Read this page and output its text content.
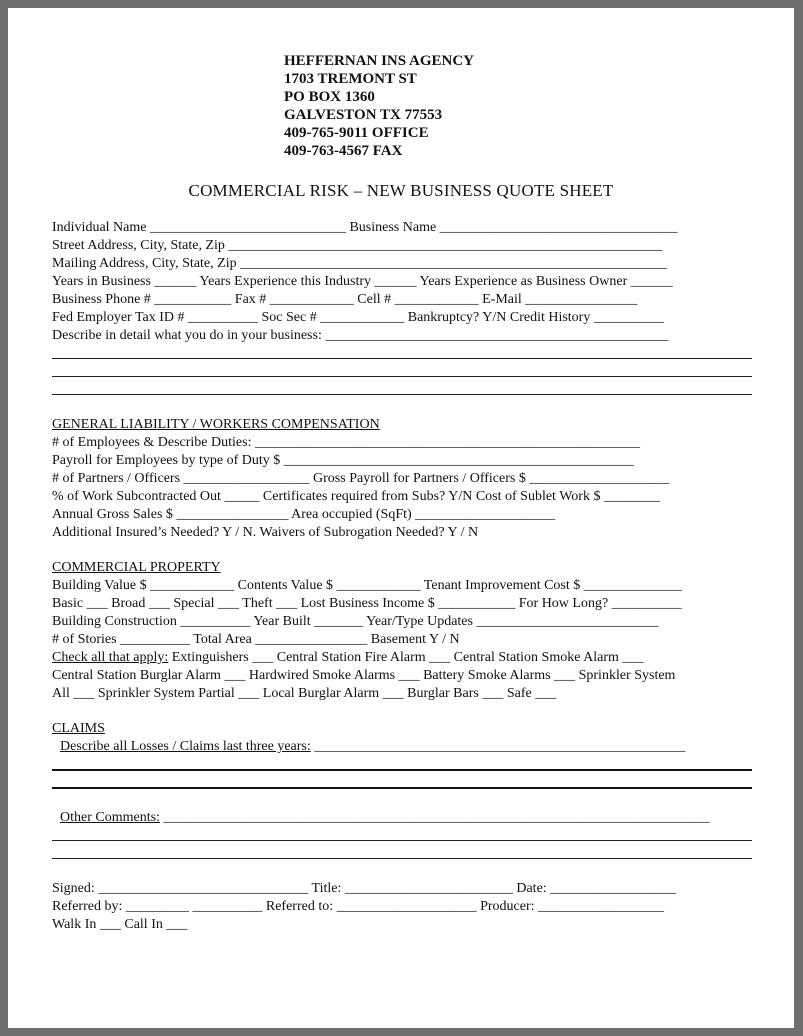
HEFFERNAN INS AGENCY
1703 TREMONT ST
PO BOX 1360
GALVESTON TX 77553
409-765-9011 OFFICE
409-763-4567 FAX
COMMERCIAL RISK – NEW BUSINESS QUOTE SHEET
Individual Name ____________________________ Business Name __________________________________
Street Address, City, State, Zip ______________________________________________________________
Mailing Address, City, State, Zip _____________________________________________________________
Years in Business ______ Years Experience this Industry ______ Years Experience as Business Owner ______
Business Phone # ___________ Fax # ____________ Cell # ____________ E-Mail ________________
Fed Employer Tax ID # __________ Soc Sec # ____________ Bankruptcy? Y/N Credit History __________
Describe in detail what you do in your business: _________________________________________________
GENERAL LIABILITY / WORKERS COMPENSATION
# of Employees & Describe Duties: _______________________________________________________
Payroll for Employees by type of Duty $ __________________________________________________
# of Partners / Officers __________________ Gross Payroll for Partners / Officers $ ____________________
% of Work Subcontracted Out _____ Certificates required from Subs? Y/N Cost of Sublet Work $ ________
Annual Gross Sales $ ________________ Area occupied (SqFt) ____________________
Additional Insured’s Needed? Y / N. Waivers of Subrogation Needed? Y / N
COMMERCIAL PROPERTY
Building Value $ ____________ Contents Value $ ____________ Tenant Improvement Cost $ ______________
Basic ___ Broad ___ Special ___ Theft ___ Lost Business Income $ ___________ For How Long? __________
Building Construction __________ Year Built _______ Year/Type Updates __________________________
# of Stories __________ Total Area ________________ Basement Y / N
Check all that apply: Extinguishers ___ Central Station Fire Alarm ___ Central Station Smoke Alarm ___
Central Station Burglar Alarm ___ Hardwired Smoke Alarms ___ Battery Smoke Alarms ___ Sprinkler System
All ___ Sprinkler System Partial ___ Local Burglar Alarm ___ Burglar Bars ___ Safe ___
CLAIMS
Describe all Losses / Claims last three years: _____________________________________________________
Other Comments: ______________________________________________________________________________
Signed: ______________________________ Title: ________________________ Date: __________________
Referred by: _________ __________ Referred to: ____________________ Producer: __________________
Walk In ___ Call In ___
